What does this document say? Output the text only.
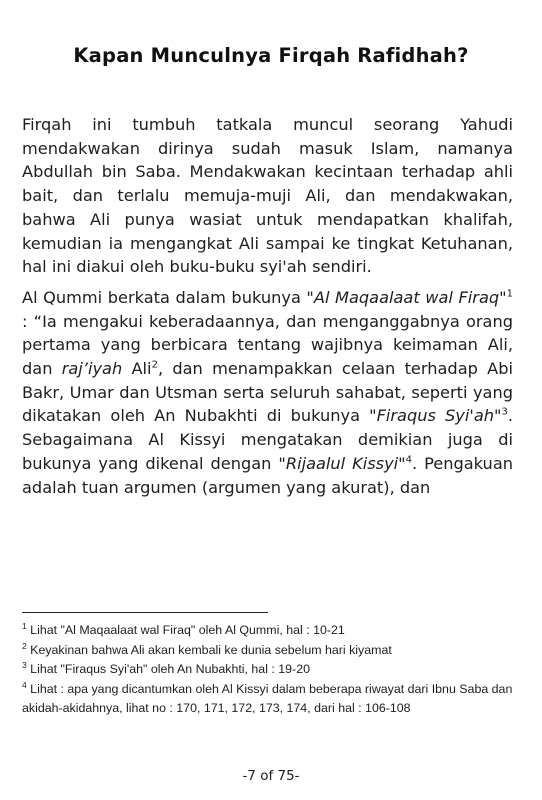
Kapan Munculnya Firqah Rafidhah?

Firqah ini tumbuh tatkala muncul seorang Yahudi mendakwakan dirinya sudah masuk Islam, namanya Abdullah bin Saba. Mendakwakan kecintaan terhadap ahli bait, dan terlalu memuja-muji Ali, dan mendakwakan, bahwa Ali punya wasiat untuk mendapatkan khalifah, kemudian ia mengangkat Ali sampai ke tingkat Ketuhanan, hal ini diakui oleh buku-buku syi'ah sendiri.

Al Qummi berkata dalam bukunya "Al Maqaalaat wal Firaq"$^1$ : “Ia mengakui keberadaannya, dan menganggabnya orang pertama yang berbicara tentang wajibnya keimaman Ali, dan raj’iyah Ali$^2$, dan menampakkan celaan terhadap Abi Bakr, Umar dan Utsman serta seluruh sahabat, seperti yang dikatakan oleh An Nubakhti di bukunya "Firaqus Syi'ah"$^3$. Sebagaimana Al Kissyi mengatakan demikian juga di bukunya yang dikenal dengan "Rijaalul Kissyi"$^4$. Pengakuan adalah tuan argumen (argumen yang akurat), dan

$^1$ Lihat "Al Maqaalaat wal Firaq" oleh Al Qummi, hal : 10-21

$^2$ Keyakinan bahwa Ali akan kembali ke dunia sebelum hari kiyamat

$^3$ Lihat "Firaqus Syi'ah" oleh An Nubakhti, hal : 19-20

$^4$ Lihat : apa yang dicantumkan oleh Al Kissyi dalam beberapa riwayat dari Ibnu Saba dan akidah-akidahnya, lihat no : 170, 171, 172, 173, 174, dari hal : 106-108

-7 of 75-
